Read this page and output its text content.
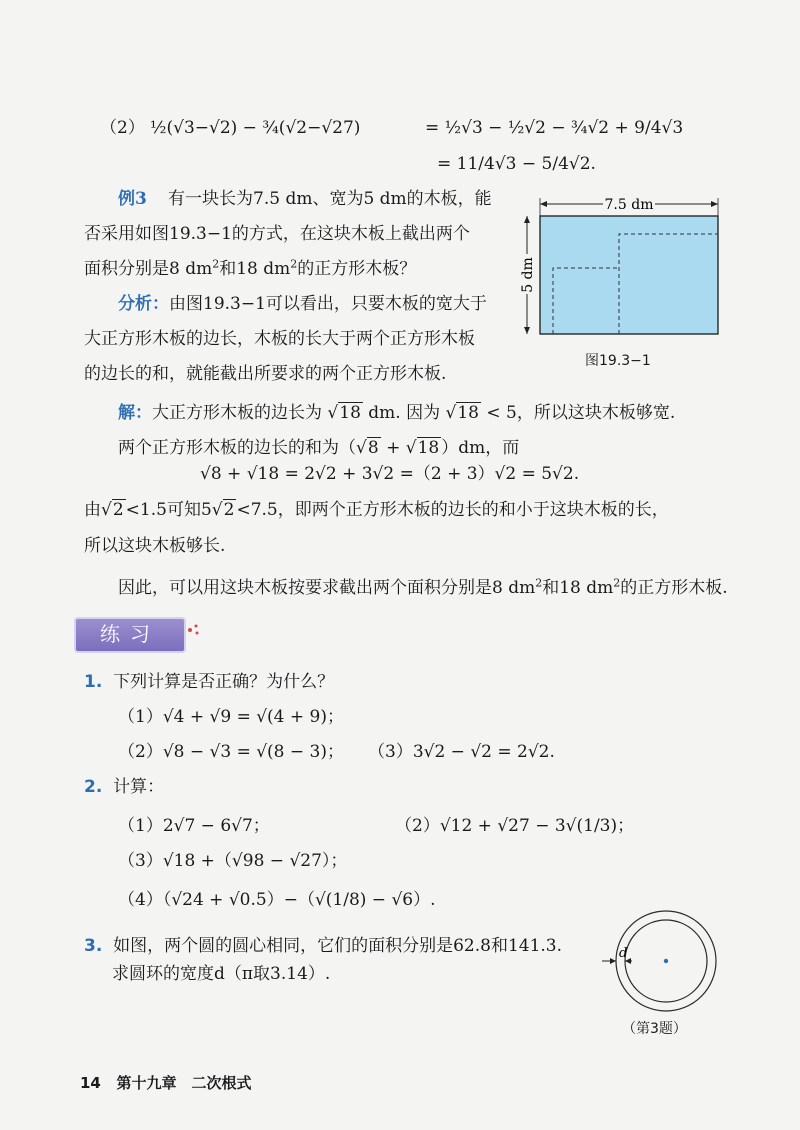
（2） ½(√3−√2) − ¾(√2−√27)	= ½√3 − ½√2 − ¾√2 + 9/4√3
= 11/4√3 − 5/4√2.
例3 有一块长为7.5 dm、宽为5 dm的木板，能
否采用如图19.3−1的方式，在这块木板上截出两个
面积分别是8 $dm^2$和18 $dm^2$的正方形木板？
分析：由图19.3−1可以看出，只要木板的宽大于
大正方形木板的边长，木板的长大于两个正方形木板
的边长的和，就能截出所要求的两个正方形木板.
7.5 dm
5 dm
图19.3−1
解：大正方形木板的边长为 √18 dm. 因为 √18 < 5，所以这块木板够宽.
两个正方形木板的边长的和为（√8 + √18 ）dm，而
√8 + √18 = 2√2 + 3√2 =（2 + 3）√2 = 5√2.
由√2 <1.5可知5√2 <7.5，即两个正方形木板的边长的和小于这块木板的长，
所以这块木板够长.
因此，可以用这块木板按要求截出两个面积分别是8 $dm^2$和18 $dm^2$的正方形木板.
练习
1. 下列计算是否正确？为什么？
（1）√4 + √9 = √(4 + 9)；
（2）√8 − √3 = √(8 − 3)； （3）3√2 − √2 = 2√2.
2. 计算：
（1）2√7 − 6√7；	（2）√12 + √27 − 3√(1/3)；
（3）√18 +（√98 − √27）；
（4）（√24 + √0.5）−（√(1/8) − √6）.
3. 如图，两个圆的圆心相同，它们的面积分别是62.8和141.3.
求圆环的宽度d（π取3.14）.
d
（第3题）
14 第十九章　二次根式
